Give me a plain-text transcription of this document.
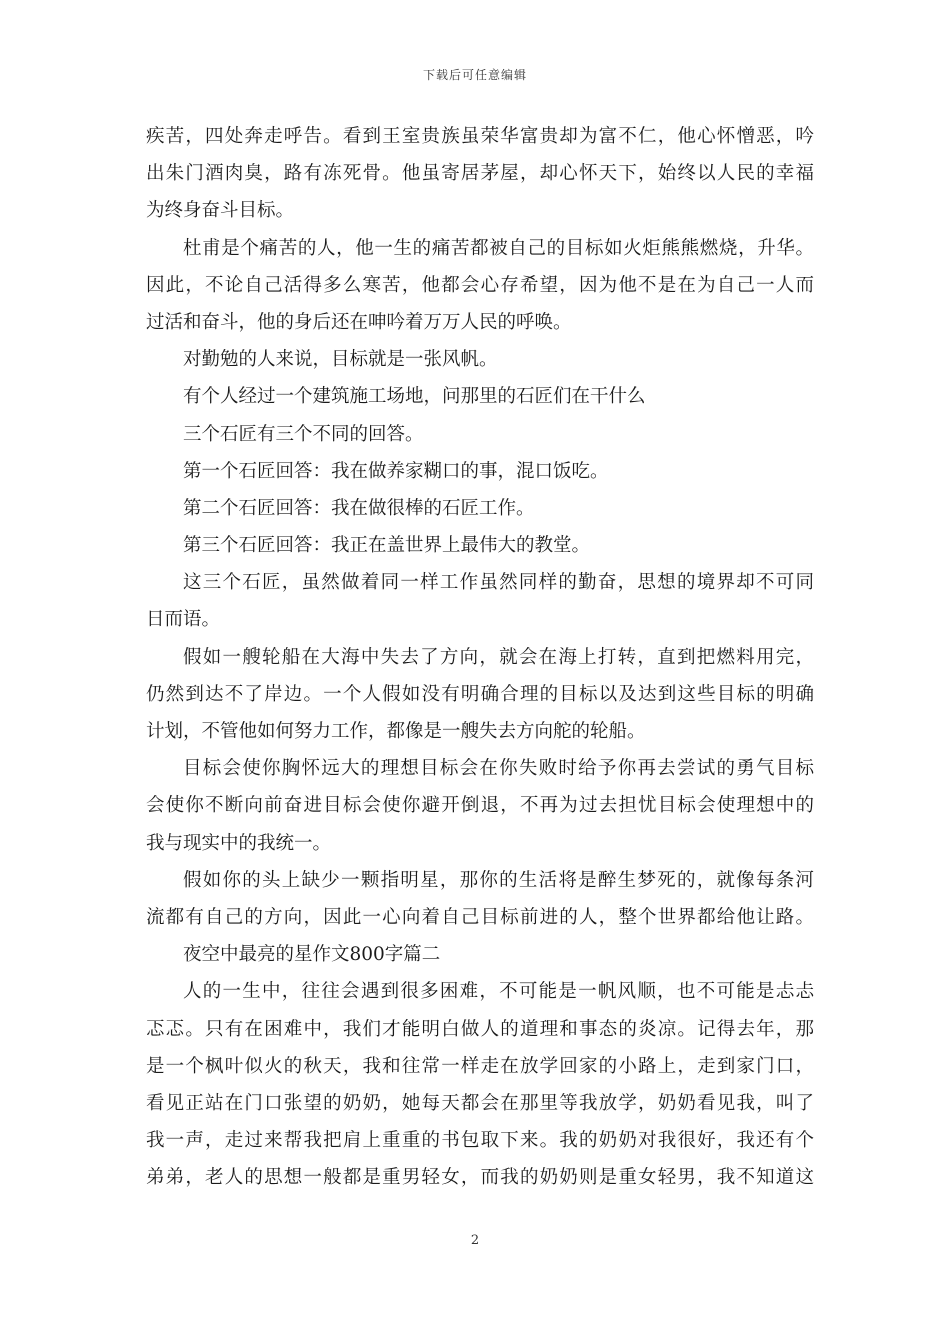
下载后可任意编辑
疾苦，四处奔走呼告。看到王室贵族虽荣华富贵却为富不仁，他心怀憎恶，吟
出朱门酒肉臭，路有冻死骨。他虽寄居茅屋，却心怀天下，始终以人民的幸福
为终身奋斗目标。
杜甫是个痛苦的人，他一生的痛苦都被自己的目标如火炬熊熊燃烧，升华。
因此，不论自己活得多么寒苦，他都会心存希望，因为他不是在为自己一人而
过活和奋斗，他的身后还在呻吟着万万人民的呼唤。
对勤勉的人来说，目标就是一张风帆。
有个人经过一个建筑施工场地，问那里的石匠们在干什么
三个石匠有三个不同的回答。
第一个石匠回答：我在做养家糊口的事，混口饭吃。
第二个石匠回答：我在做很棒的石匠工作。
第三个石匠回答：我正在盖世界上最伟大的教堂。
这三个石匠，虽然做着同一样工作虽然同样的勤奋，思想的境界却不可同
日而语。
假如一艘轮船在大海中失去了方向，就会在海上打转，直到把燃料用完，
仍然到达不了岸边。一个人假如没有明确合理的目标以及达到这些目标的明确
计划，不管他如何努力工作，都像是一艘失去方向舵的轮船。
目标会使你胸怀远大的理想目标会在你失败时给予你再去尝试的勇气目标
会使你不断向前奋进目标会使你避开倒退，不再为过去担忧目标会使理想中的
我与现实中的我统一。
假如你的头上缺少一颗指明星，那你的生活将是醉生梦死的，就像每条河
流都有自己的方向，因此一心向着自己目标前进的人，整个世界都给他让路。
夜空中最亮的星作文800字篇二
人的一生中，往往会遇到很多困难，不可能是一帆风顺，也不可能是忐忐
忑忑。只有在困难中，我们才能明白做人的道理和事态的炎凉。记得去年，那
是一个枫叶似火的秋天，我和往常一样走在放学回家的小路上，走到家门口，
看见正站在门口张望的奶奶，她每天都会在那里等我放学，奶奶看见我，叫了
我一声，走过来帮我把肩上重重的书包取下来。我的奶奶对我很好，我还有个
弟弟，老人的思想一般都是重男轻女，而我的奶奶则是重女轻男，我不知道这
2
